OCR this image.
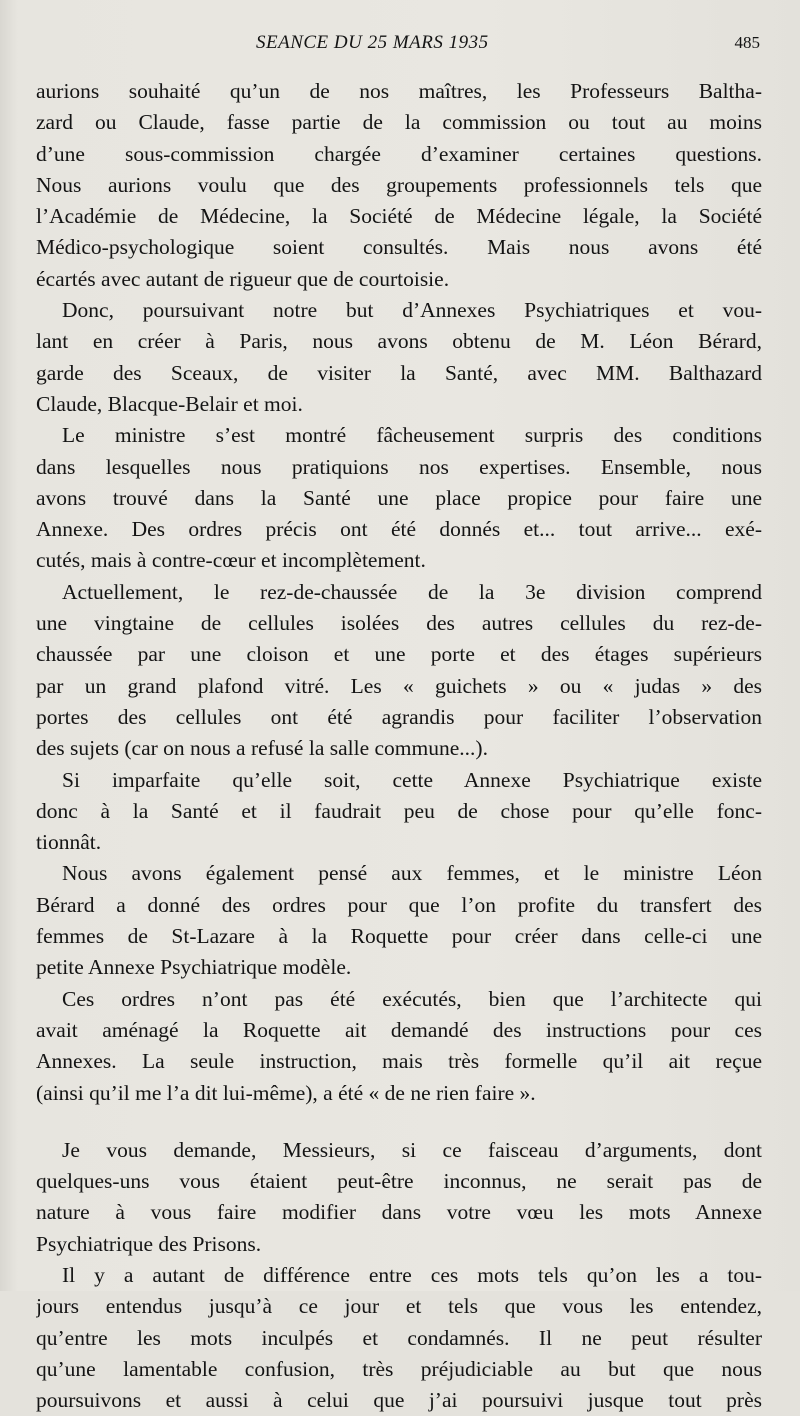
SEANCE DU 25 MARS 1935	485
aurions souhaité qu’un de nos maîtres, les Professeurs Baltha-
zard ou Claude, fasse partie de la commission ou tout au moins
d’une sous-commission chargée d’examiner certaines questions.
Nous aurions voulu que des groupements professionnels tels que
l’Académie de Médecine, la Société de Médecine légale, la Société
Médico-psychologique soient consultés. Mais nous avons été
écartés avec autant de rigueur que de courtoisie.
Donc, poursuivant notre but d’Annexes Psychiatriques et vou-
lant en créer à Paris, nous avons obtenu de M. Léon Bérard,
garde des Sceaux, de visiter la Santé, avec MM. Balthazard
Claude, Blacque-Belair et moi.
Le ministre s’est montré fâcheusement surpris des conditions
dans lesquelles nous pratiquions nos expertises. Ensemble, nous
avons trouvé dans la Santé une place propice pour faire une
Annexe. Des ordres précis ont été donnés et... tout arrive... exé-
cutés, mais à contre-cœur et incomplètement.
Actuellement, le rez-de-chaussée de la 3e division comprend
une vingtaine de cellules isolées des autres cellules du rez-de-
chaussée par une cloison et une porte et des étages supérieurs
par un grand plafond vitré. Les « guichets » ou « judas » des
portes des cellules ont été agrandis pour faciliter l’observation
des sujets (car on nous a refusé la salle commune...).
Si imparfaite qu’elle soit, cette Annexe Psychiatrique existe
donc à la Santé et il faudrait peu de chose pour qu’elle fonc-
tionnât.
Nous avons également pensé aux femmes, et le ministre Léon
Bérard a donné des ordres pour que l’on profite du transfert des
femmes de St-Lazare à la Roquette pour créer dans celle-ci une
petite Annexe Psychiatrique modèle.
Ces ordres n’ont pas été exécutés, bien que l’architecte qui
avait aménagé la Roquette ait demandé des instructions pour ces
Annexes. La seule instruction, mais très formelle qu’il ait reçue
(ainsi qu’il me l’a dit lui-même), a été « de ne rien faire ».
Je vous demande, Messieurs, si ce faisceau d’arguments, dont
quelques-uns vous étaient peut-être inconnus, ne serait pas de
nature à vous faire modifier dans votre vœu les mots Annexe
Psychiatrique des Prisons.
Il y a autant de différence entre ces mots tels qu’on les a tou-
jours entendus jusqu’à ce jour et tels que vous les entendez,
qu’entre les mots inculpés et condamnés. Il ne peut résulter
qu’une lamentable confusion, très préjudiciable au but que nous
poursuivons et aussi à celui que j’ai poursuivi jusque tout près
